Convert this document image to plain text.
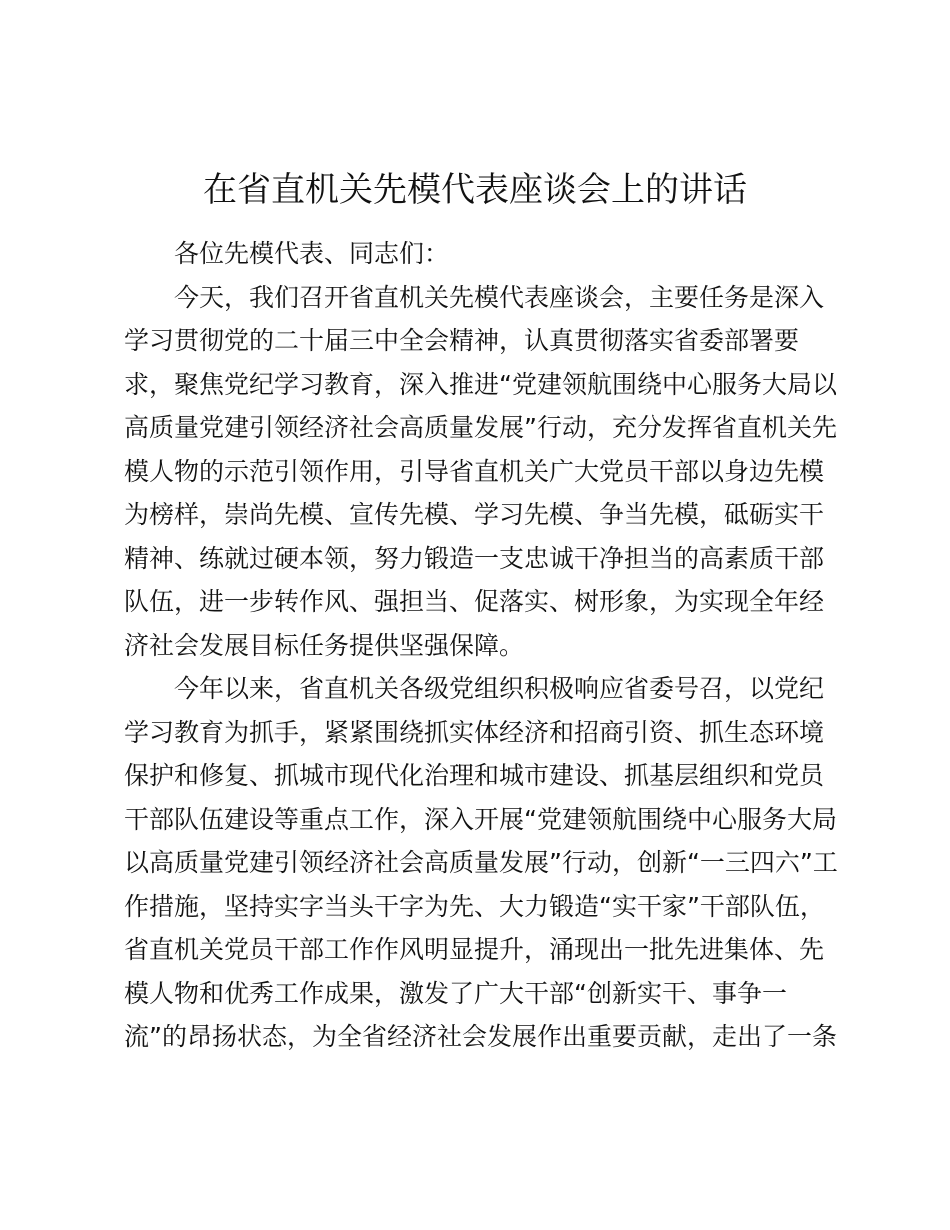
在省直机关先模代表座谈会上的讲话
各位先模代表、同志们：
今天，我们召开省直机关先模代表座谈会，主要任务是深入
学习贯彻党的二十届三中全会精神，认真贯彻落实省委部署要
求，聚焦党纪学习教育，深入推进“党建领航围绕中心服务大局以
高质量党建引领经济社会高质量发展”行动，充分发挥省直机关先
模人物的示范引领作用，引导省直机关广大党员干部以身边先模
为榜样，崇尚先模、宣传先模、学习先模、争当先模，砥砺实干
精神、练就过硬本领，努力锻造一支忠诚干净担当的高素质干部
队伍，进一步转作风、强担当、促落实、树形象，为实现全年经
济社会发展目标任务提供坚强保障。
今年以来，省直机关各级党组织积极响应省委号召，以党纪
学习教育为抓手，紧紧围绕抓实体经济和招商引资、抓生态环境
保护和修复、抓城市现代化治理和城市建设、抓基层组织和党员
干部队伍建设等重点工作，深入开展“党建领航围绕中心服务大局
以高质量党建引领经济社会高质量发展”行动，创新“一三四六”工
作措施，坚持实字当头干字为先、大力锻造“实干家”干部队伍，
省直机关党员干部工作作风明显提升，涌现出一批先进集体、先
模人物和优秀工作成果，激发了广大干部“创新实干、事争一
流”的昂扬状态，为全省经济社会发展作出重要贡献，走出了一条
